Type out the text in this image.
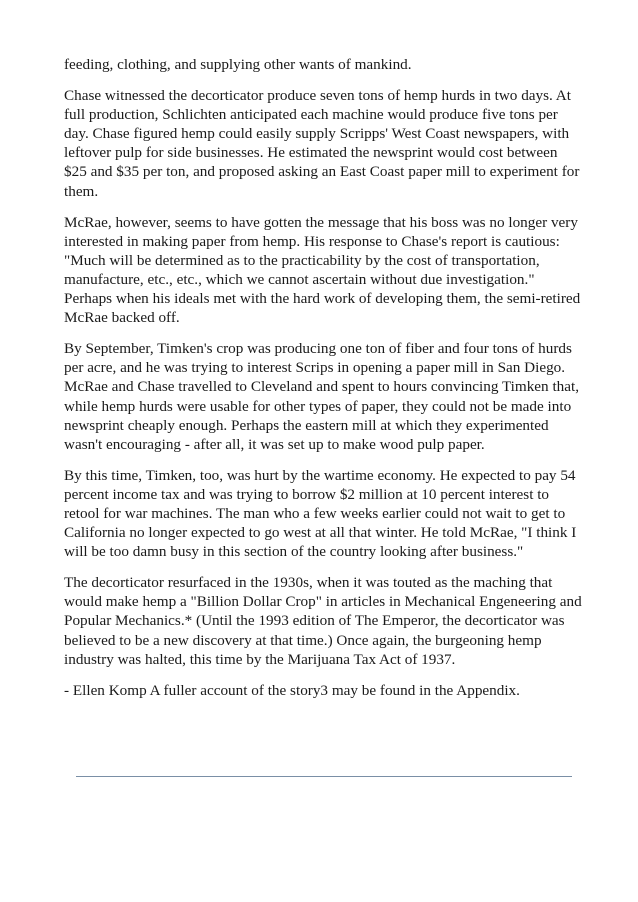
feeding, clothing, and supplying other wants of mankind.

Chase witnessed the decorticator produce seven tons of hemp hurds in two days. At full production, Schlichten anticipated each machine would produce five tons per day. Chase figured hemp could easily supply Scripps' West Coast newspapers, with leftover pulp for side businesses. He estimated the newsprint would cost between $25 and $35 per ton, and proposed asking an East Coast paper mill to experiment for them.

McRae, however, seems to have gotten the message that his boss was no longer very interested in making paper from hemp. His response to Chase's report is cautious: "Much will be determined as to the practicability by the cost of transportation, manufacture, etc., etc., which we cannot ascertain without due investigation." Perhaps when his ideals met with the hard work of developing them, the semi-retired McRae backed off.

By September, Timken's crop was producing one ton of fiber and four tons of hurds per acre, and he was trying to interest Scrips in opening a paper mill in San Diego. McRae and Chase travelled to Cleveland and spent to hours convincing Timken that, while hemp hurds were usable for other types of paper, they could not be made into newsprint cheaply enough. Perhaps the eastern mill at which they experimented wasn't encouraging - after all, it was set up to make wood pulp paper.

By this time, Timken, too, was hurt by the wartime economy. He expected to pay 54 percent income tax and was trying to borrow $2 million at 10 percent interest to retool for war machines. The man who a few weeks earlier could not wait to get to California no longer expected to go west at all that winter. He told McRae, "I think I will be too damn busy in this section of the country looking after business."

The decorticator resurfaced in the 1930s, when it was touted as the maching that would make hemp a "Billion Dollar Crop" in articles in Mechanical Engeneering and Popular Mechanics.* (Until the 1993 edition of The Emperor, the decorticator was believed to be a new discovery at that time.) Once again, the burgeoning hemp industry was halted, this time by the Marijuana Tax Act of 1937.

- Ellen Komp A fuller account of the story3 may be found in the Appendix.
